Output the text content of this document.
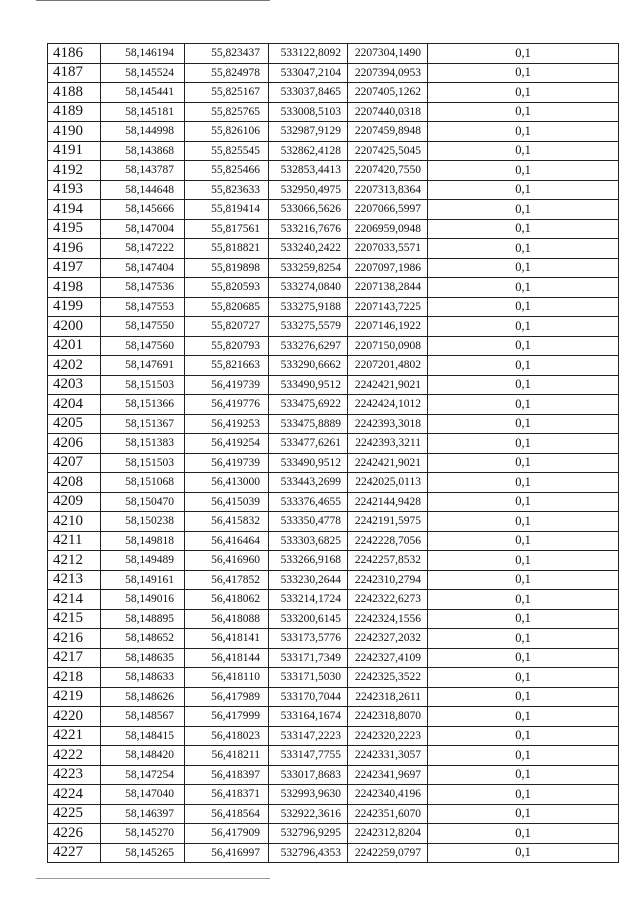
4186	58,146194	55,823437	533122,8092	2207304,1490	0,1
4187	58,145524	55,824978	533047,2104	2207394,0953	0,1
4188	58,145441	55,825167	533037,8465	2207405,1262	0,1
4189	58,145181	55,825765	533008,5103	2207440,0318	0,1
4190	58,144998	55,826106	532987,9129	2207459,8948	0,1
4191	58,143868	55,825545	532862,4128	2207425,5045	0,1
4192	58,143787	55,825466	532853,4413	2207420,7550	0,1
4193	58,144648	55,823633	532950,4975	2207313,8364	0,1
4194	58,145666	55,819414	533066,5626	2207066,5997	0,1
4195	58,147004	55,817561	533216,7676	2206959,0948	0,1
4196	58,147222	55,818821	533240,2422	2207033,5571	0,1
4197	58,147404	55,819898	533259,8254	2207097,1986	0,1
4198	58,147536	55,820593	533274,0840	2207138,2844	0,1
4199	58,147553	55,820685	533275,9188	2207143,7225	0,1
4200	58,147550	55,820727	533275,5579	2207146,1922	0,1
4201	58,147560	55,820793	533276,6297	2207150,0908	0,1
4202	58,147691	55,821663	533290,6662	2207201,4802	0,1
4203	58,151503	56,419739	533490,9512	2242421,9021	0,1
4204	58,151366	56,419776	533475,6922	2242424,1012	0,1
4205	58,151367	56,419253	533475,8889	2242393,3018	0,1
4206	58,151383	56,419254	533477,6261	2242393,3211	0,1
4207	58,151503	56,419739	533490,9512	2242421,9021	0,1
4208	58,151068	56,413000	533443,2699	2242025,0113	0,1
4209	58,150470	56,415039	533376,4655	2242144,9428	0,1
4210	58,150238	56,415832	533350,4778	2242191,5975	0,1
4211	58,149818	56,416464	533303,6825	2242228,7056	0,1
4212	58,149489	56,416960	533266,9168	2242257,8532	0,1
4213	58,149161	56,417852	533230,2644	2242310,2794	0,1
4214	58,149016	56,418062	533214,1724	2242322,6273	0,1
4215	58,148895	56,418088	533200,6145	2242324,1556	0,1
4216	58,148652	56,418141	533173,5776	2242327,2032	0,1
4217	58,148635	56,418144	533171,7349	2242327,4109	0,1
4218	58,148633	56,418110	533171,5030	2242325,3522	0,1
4219	58,148626	56,417989	533170,7044	2242318,2611	0,1
4220	58,148567	56,417999	533164,1674	2242318,8070	0,1
4221	58,148415	56,418023	533147,2223	2242320,2223	0,1
4222	58,148420	56,418211	533147,7755	2242331,3057	0,1
4223	58,147254	56,418397	533017,8683	2242341,9697	0,1
4224	58,147040	56,418371	532993,9630	2242340,4196	0,1
4225	58,146397	56,418564	532922,3616	2242351,6070	0,1
4226	58,145270	56,417909	532796,9295	2242312,8204	0,1
4227	58,145265	56,416997	532796,4353	2242259,0797	0,1
